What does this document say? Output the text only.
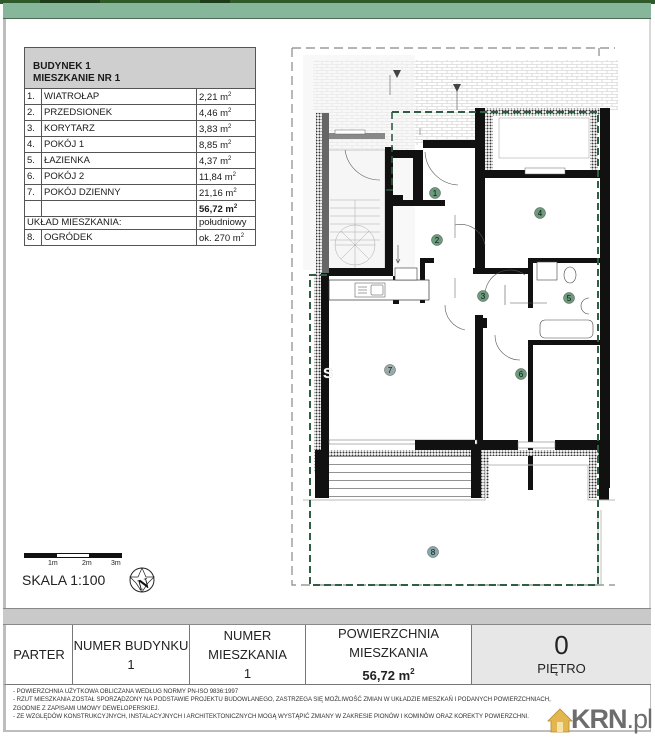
BUDYNEK 1
MIESZKANIE NR 1		

1.	WIATROŁAP	2,21 $m^2$
2.	PRZEDSIONEK	4,46 $m^2$
3.	KORYTARZ	3,83 $m^2$
4.	POKÓJ 1	8,85 $m^2$
5.	ŁAZIENKA	4,37 $m^2$
6.	POKÓJ 2	11,84 $m^2$
7.	POKÓJ DZIENNY	21,16 $m^2$
		56,72 $m^2$
UKŁAD MIESZKANIA:		południowy
8.	OGRÓDEK	ok. 270 $m^2$
1m	2m	3m
SKALA 1:100 N
1
2
3
4
5
6
7
8
S
PARTER
NUMER BUDYNKU
1
NUMER MIESZKANIA
1
POWIERZCHNIA MIESZKANIA
56,72 $m^2$
0
PIĘTRO
- POWIERZCHNIA UŻYTKOWA OBLICZANA WEDŁUG NORMY PN-ISO 9836:1997
- RZUT MIESZKANIA ZOSTAŁ SPORZĄDZONY NA PODSTAWIE PROJEKTU BUDOWLANEGO, ZASTRZEGA SIĘ MOŻLIWOŚĆ ZMIAN W UKŁADZIE MIESZKAŃ I PODANYCH POWIERZCHNIACH,
ZGODNIE Z ZAPISAMI UMOWY DEWELOPERSKIEJ.
- ZE WZGLĘDÓW KONSTRUKCYJNYCH, INSTALACYJNYCH I ARCHITEKTONICZNYCH MOGĄ WYSTĄPIĆ ZMIANY W ZAKRESIE PIONÓW I KOMINÓW ORAZ KOREKTY POWIERZCHNI.	KRN.pl
